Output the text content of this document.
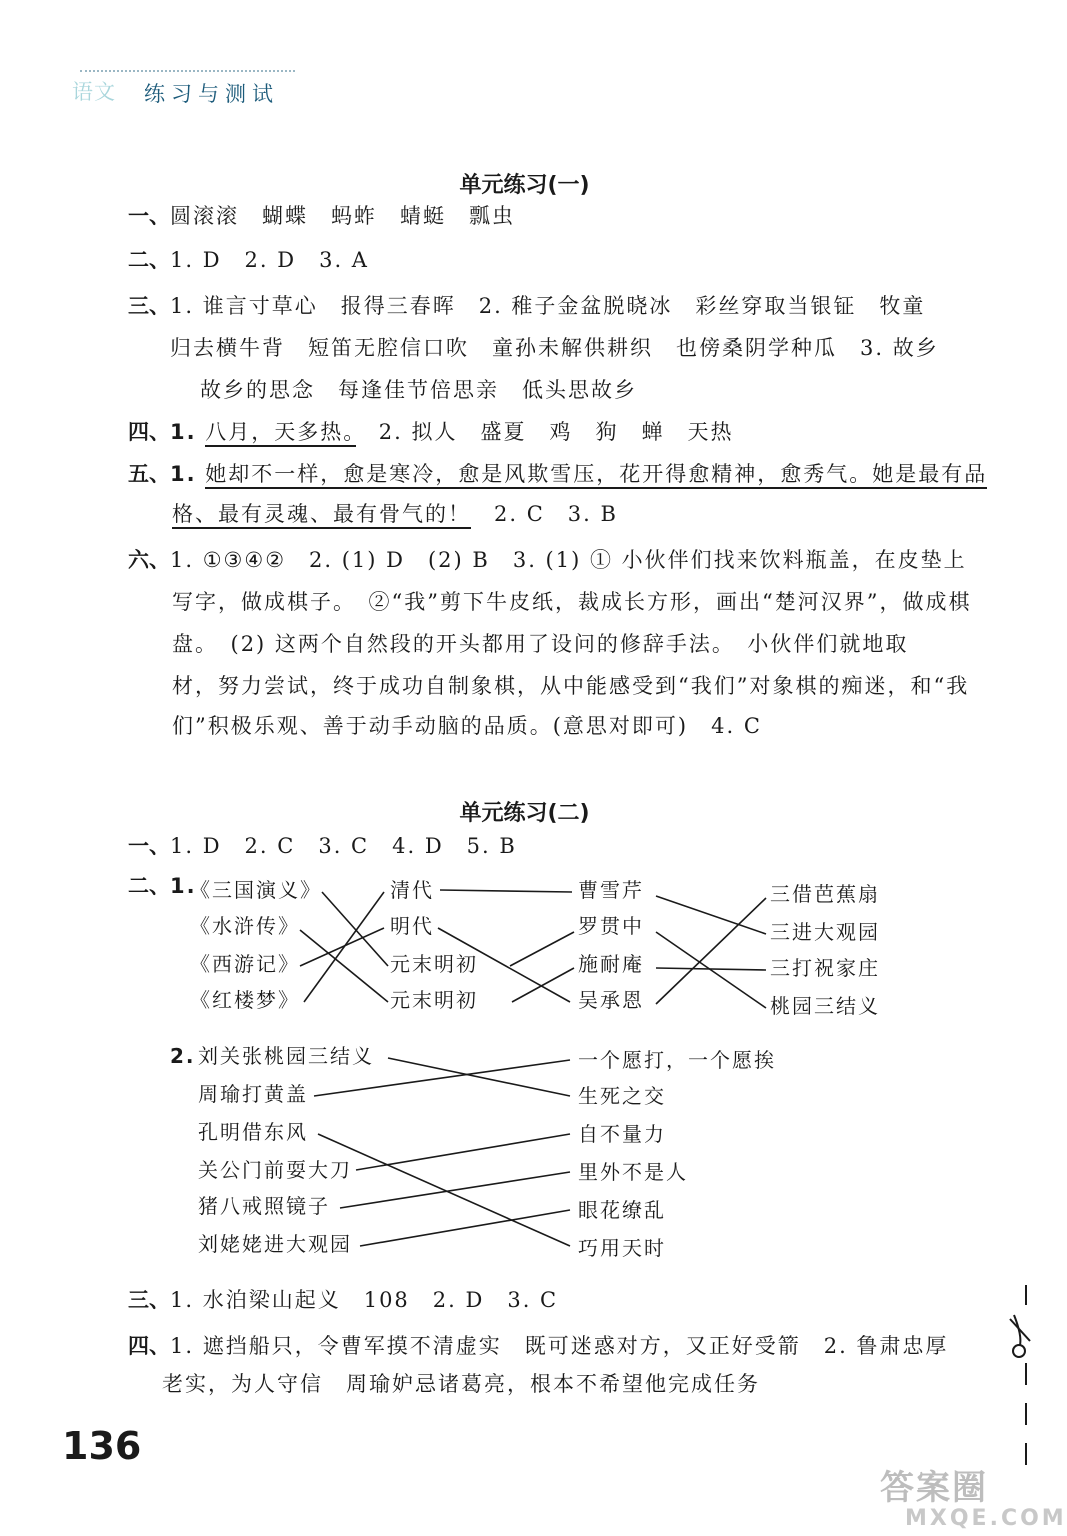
语文 练习与测试
单元练习(一)
一、圆滚滚　蝴蝶　蚂蚱　蜻蜓　瓢虫
二、1. D　2. D　3. A
三、1. 谁言寸草心　报得三春晖　2. 稚子金盆脱晓冰　彩丝穿取当银钲　牧童
归去横牛背　短笛无腔信口吹　童孙未解供耕织　也傍桑阴学种瓜　3. 故乡
故乡的思念　每逢佳节倍思亲　低头思故乡
四、1. 八月，天多热。　 2. 拟人　盛夏　鸡　狗　蝉　天热
五、1. 她却不一样，愈是寒冷，愈是风欺雪压，花开得愈精神，愈秀气。她是最有品
格、最有灵魂、最有骨气的！　 2. C　3. B
六、1. ①③④②　2. (1) D　(2) B　3. (1) ① 小伙伴们找来饮料瓶盖，在皮垫上
写字，做成棋子。　②“我”剪下牛皮纸，裁成长方形，画出“楚河汉界”，做成棋
盘。　(2) 这两个自然段的开头都用了设问的修辞手法。　小伙伴们就地取
材，努力尝试，终于成功自制象棋，从中能感受到“我们”对象棋的痴迷，和“我
们”积极乐观、善于动手动脑的品质。(意思对即可)　4. C
单元练习(二)
一、1. D　2. C　3. C　4. D　5. B
二、1.
《三国演义》
《水浒传》
《西游记》
《红楼梦》
清代
明代
元末明初
元末明初
曹雪芹
罗贯中
施耐庵
吴承恩
三借芭蕉扇
三进大观园
三打祝家庄
桃园三结义
2. 刘关张桃园三结义
周瑜打黄盖
孔明借东风
关公门前耍大刀
猪八戒照镜子
刘姥姥进大观园
一个愿打，一个愿挨
生死之交
自不量力
里外不是人
眼花缭乱
巧用天时
三、1. 水泊梁山起义　108　2. D　3. C
四、1. 遮挡船只，令曹军摸不清虚实　既可迷惑对方，又正好受箭　2. 鲁肃忠厚
老实，为人守信　周瑜妒忌诸葛亮，根本不希望他完成任务
136
答案圈
MXQE.COM
